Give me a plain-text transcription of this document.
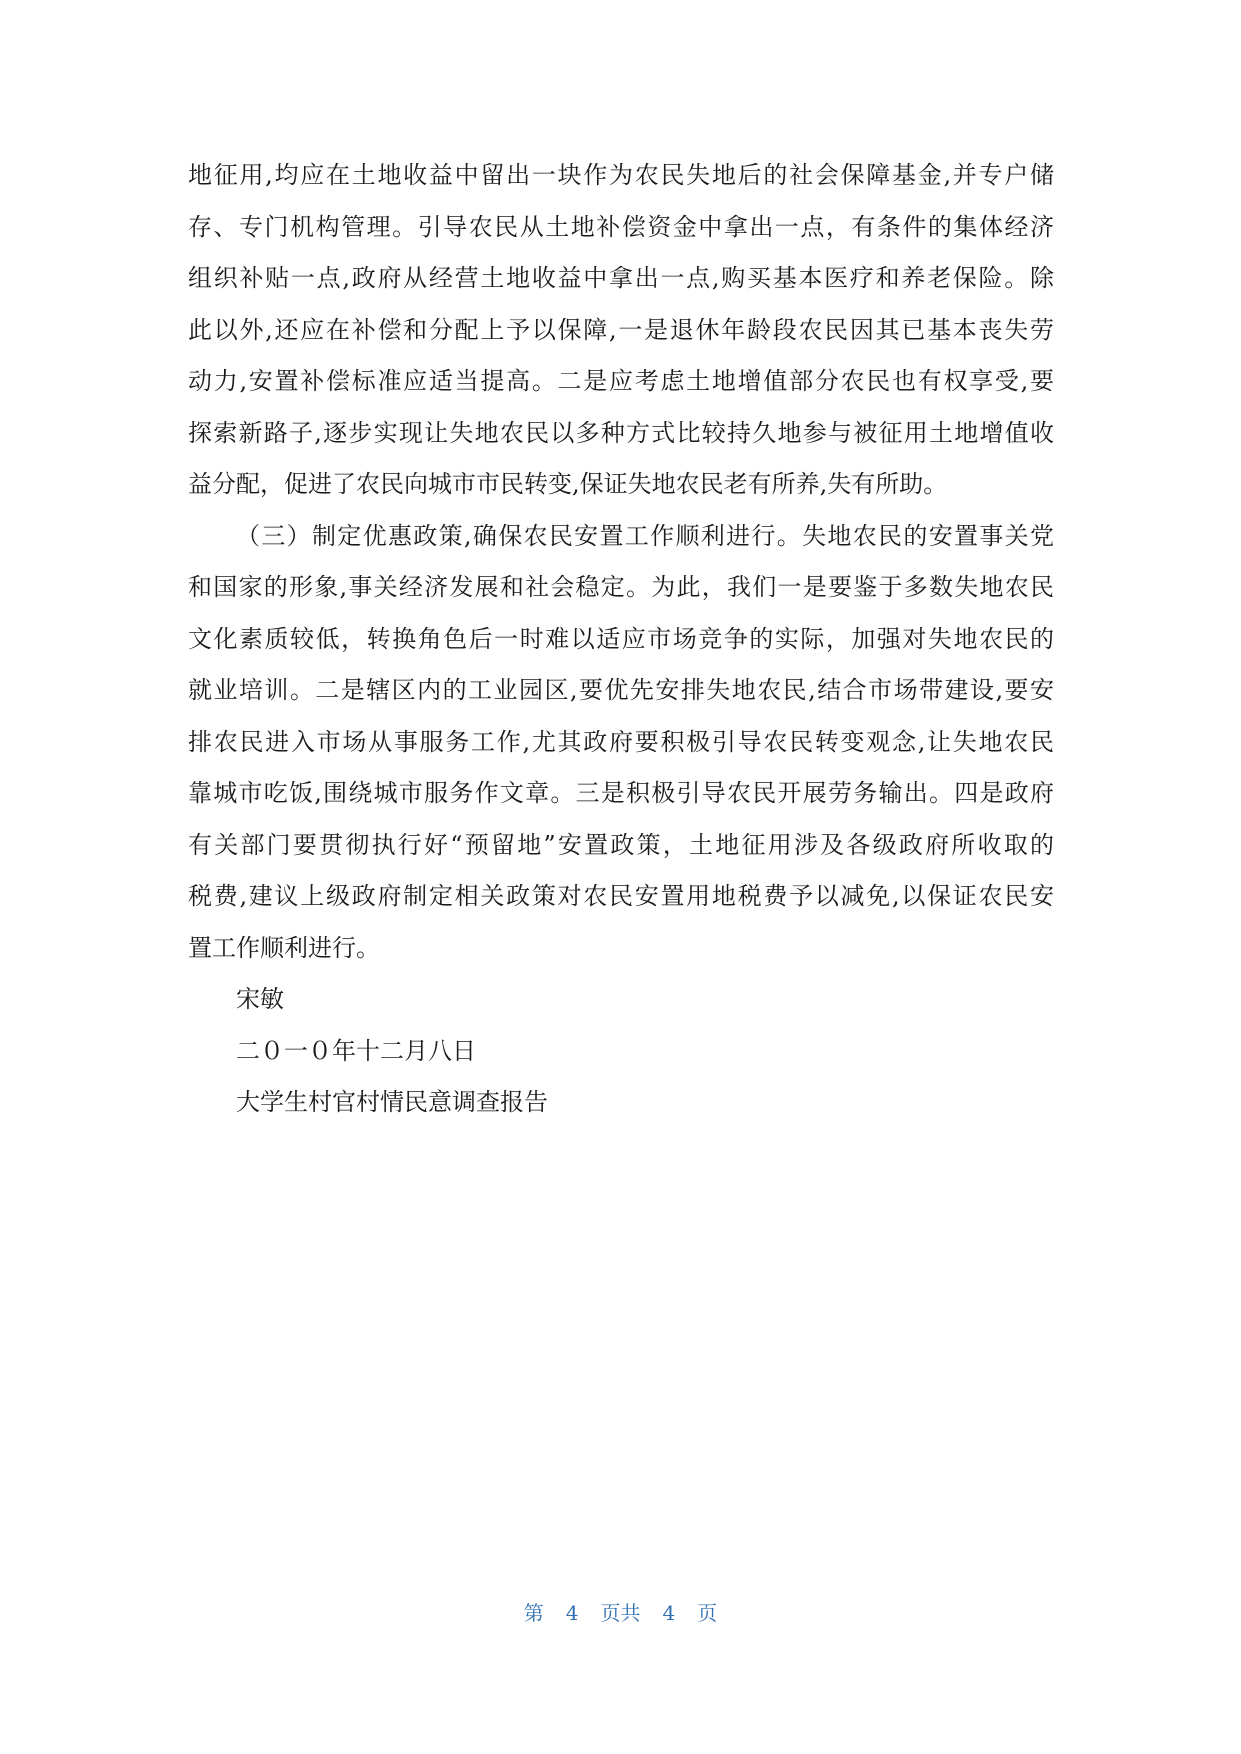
地征用,均应在土地收益中留出一块作为农民失地后的社会保障基金,并专户储
存、专门机构管理。引导农民从土地补偿资金中拿出一点，有条件的集体经济
组织补贴一点,政府从经营土地收益中拿出一点,购买基本医疗和养老保险。除
此以外,还应在补偿和分配上予以保障,一是退休年龄段农民因其已基本丧失劳
动力,安置补偿标准应适当提高。二是应考虑土地增值部分农民也有权享受,要
探索新路子,逐步实现让失地农民以多种方式比较持久地参与被征用土地增值收
益分配，促进了农民向城市市民转变,保证失地农民老有所养,失有所助。
（三）制定优惠政策,确保农民安置工作顺利进行。失地农民的安置事关党
和国家的形象,事关经济发展和社会稳定。为此，我们一是要鉴于多数失地农民
文化素质较低，转换角色后一时难以适应市场竞争的实际，加强对失地农民的
就业培训。二是辖区内的工业园区,要优先安排失地农民,结合市场带建设,要安
排农民进入市场从事服务工作,尤其政府要积极引导农民转变观念,让失地农民
靠城市吃饭,围绕城市服务作文章。三是积极引导农民开展劳务输出。四是政府
有关部门要贯彻执行好“预留地”安置政策，土地征用涉及各级政府所收取的
税费,建议上级政府制定相关政策对农民安置用地税费予以减免,以保证农民安
置工作顺利进行。
宋敏
二０一０年十二月八日
大学生村官村情民意调查报告
第 4 页共 4 页
